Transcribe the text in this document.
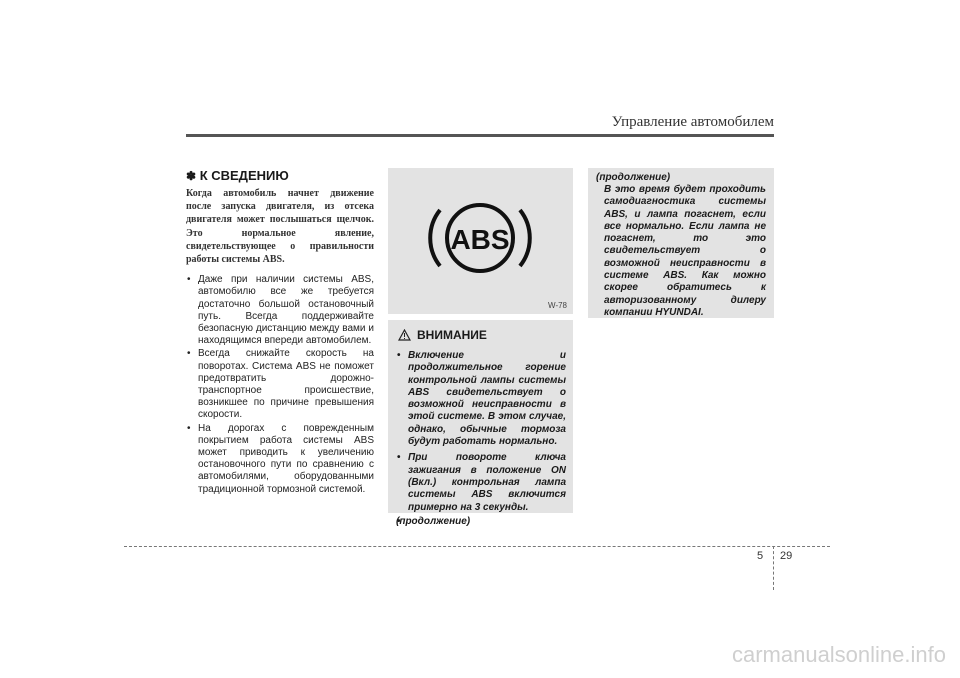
Управление автомобилем
✽ К СВЕДЕНИЮ
Когда автомобиль начнет движение после запуска двигателя, из отсека двигателя может послышаться щелчок. Это нормальное явление, свидетельствующее о правильности работы системы ABS.
• Даже при наличии системы ABS, автомобилю все же требуется достаточно большой остановочный путь. Всегда поддерживайте безопасную дистанцию между вами и находящимся впереди автомобилем.
• Всегда снижайте скорость на поворотах. Система ABS не поможет предотвратить дорожно-транспортное происшествие, возникшее по причине превышения скорости.
• На дорогах с поврежденным покрытием работа системы ABS может приводить к увеличению остановочного пути по сравнению с автомобилями, оборудованными традиционной тормозной системой.
ABS
W-78
ВНИМАНИЕ
• Включение и продолжительное горение контрольной лампы системы ABS свидетельствует о возможной неисправности в этой системе. В этом случае, однако, обычные тормоза будут работать нормально.
• При повороте ключа зажигания в положение ON (Вкл.) контрольная лампа системы ABS включится примерно на 3 секунды.
• (продолжение)
(продолжение)
В это время будет проходить самодиагностика системы ABS, и лампа погаснет, если все нормально. Если лампа не погаснет, то это свидетельствует о возможной неисправности в системе ABS. Как можно скорее обратитесь к авторизованному дилеру компании HYUNDAI.
5 29
carmanualsonline.info
